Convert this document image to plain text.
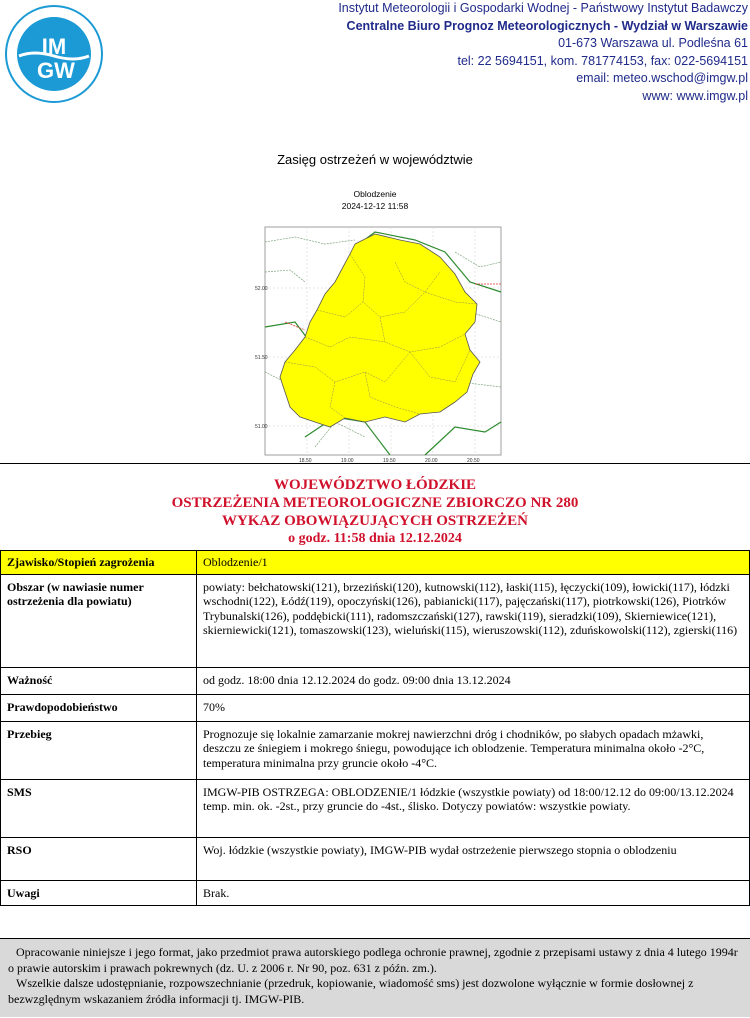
IM
GW
Instytut Meteorologii i Gospodarki Wodnej - Państwowy Instytut Badawczy
Centralne Biuro Prognoz Meteorologicznych - Wydział w Warszawie
01-673 Warszawa ul. Podleśna 61
tel: 22 5694151, kom. 781774153, fax: 022-5694151
email: meteo.wschod@imgw.pl
www: www.imgw.pl
Zasięg ostrzeżeń w województwie
Oblodzenie
2024-12-12 11:58
52.00
51.50
51.00
18.50	19.00	19.50	20.00	20.50
WOJEWÓDZTWO ŁÓDZKIE
OSTRZEŻENIA METEOROLOGICZNE ZBIORCZO NR 280
WYKAZ OBOWIĄZUJĄCYCH OSTRZEŻEŃ
o godz. 11:58 dnia 12.12.2024
Zjawisko/Stopień zagrożenia	Oblodzenie/1
Obszar (w nawiasie numer ostrzeżenia dla powiatu)	powiaty: bełchatowski(121), brzeziński(120), kutnowski(112), łaski(115), łęczycki(109), łowicki(117), łódzki wschodni(122), Łódź(119), opoczyński(126), pabianicki(117), pajęczański(117), piotrkowski(126), Piotrków Trybunalski(126), poddębicki(111), radomszczański(127), rawski(119), sieradzki(109), Skierniewice(121), skierniewicki(121), tomaszowski(123), wieluński(115), wieruszowski(112), zduńskowolski(112), zgierski(116)
Ważność	od godz. 18:00 dnia 12.12.2024 do godz. 09:00 dnia 13.12.2024
Prawdopodobieństwo	70%
Przebieg	Prognozuje się lokalnie zamarzanie mokrej nawierzchni dróg i chodników, po słabych opadach mżawki, deszczu ze śniegiem i mokrego śniegu, powodujące ich oblodzenie. Temperatura minimalna około -2°C, temperatura minimalna przy gruncie około -4°C.
SMS	IMGW-PIB OSTRZEGA: OBLODZENIE/1 łódzkie (wszystkie powiaty) od 18:00/12.12 do 09:00/13.12.2024 temp. min. ok. -2st., przy gruncie do -4st., ślisko. Dotyczy powiatów: wszystkie powiaty.
RSO	Woj. łódzkie (wszystkie powiaty), IMGW-PIB wydał ostrzeżenie pierwszego stopnia o oblodzeniu
Uwagi	Brak.

Opracowanie niniejsze i jego format, jako przedmiot prawa autorskiego podlega ochronie prawnej, zgodnie z przepisami ustawy z dnia 4 lutego 1994r o prawie autorskim i prawach pokrewnych (dz. U. z 2006 r. Nr 90, poz. 631 z późn. zm.).

Wszelkie dalsze udostępnianie, rozpowszechnianie (przedruk, kopiowanie, wiadomość sms) jest dozwolone wyłącznie w formie dosłownej z bezwzględnym wskazaniem źródła informacji tj. IMGW-PIB.
